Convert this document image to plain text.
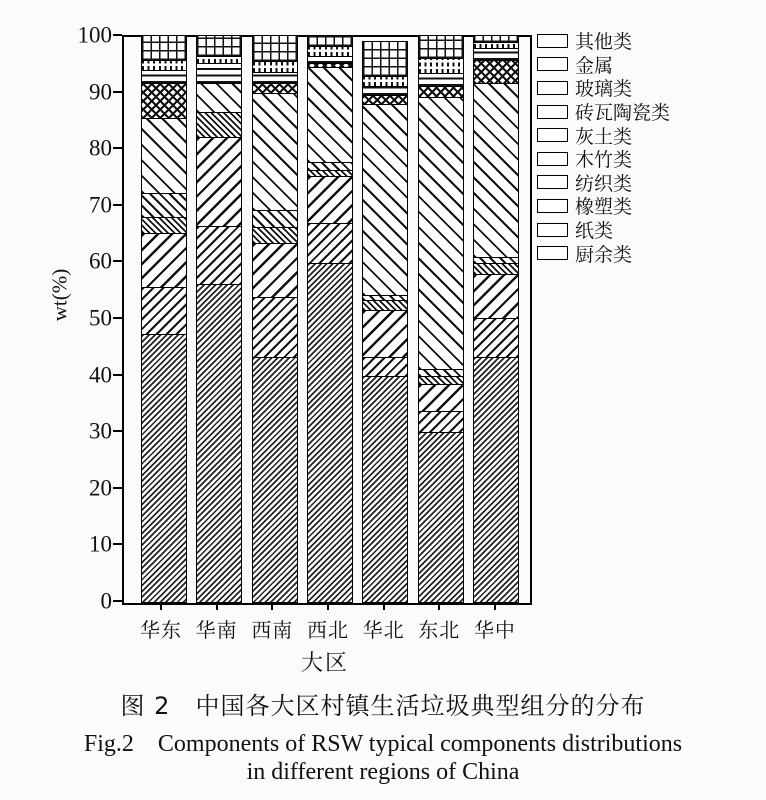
wt(%)
0
10
20
30
40
50
60
70
80
90
100
华东 华南 西南 西北 华北 东北 华中
大区
其他类
金属
玻璃类
砖瓦陶瓷类
灰土类
木竹类
纺织类
橡塑类
纸类
厨余类
图 2　中国各大区村镇生活垃圾典型组分的分布
Fig.2　Components of RSW typical components distributions
in different regions of China
